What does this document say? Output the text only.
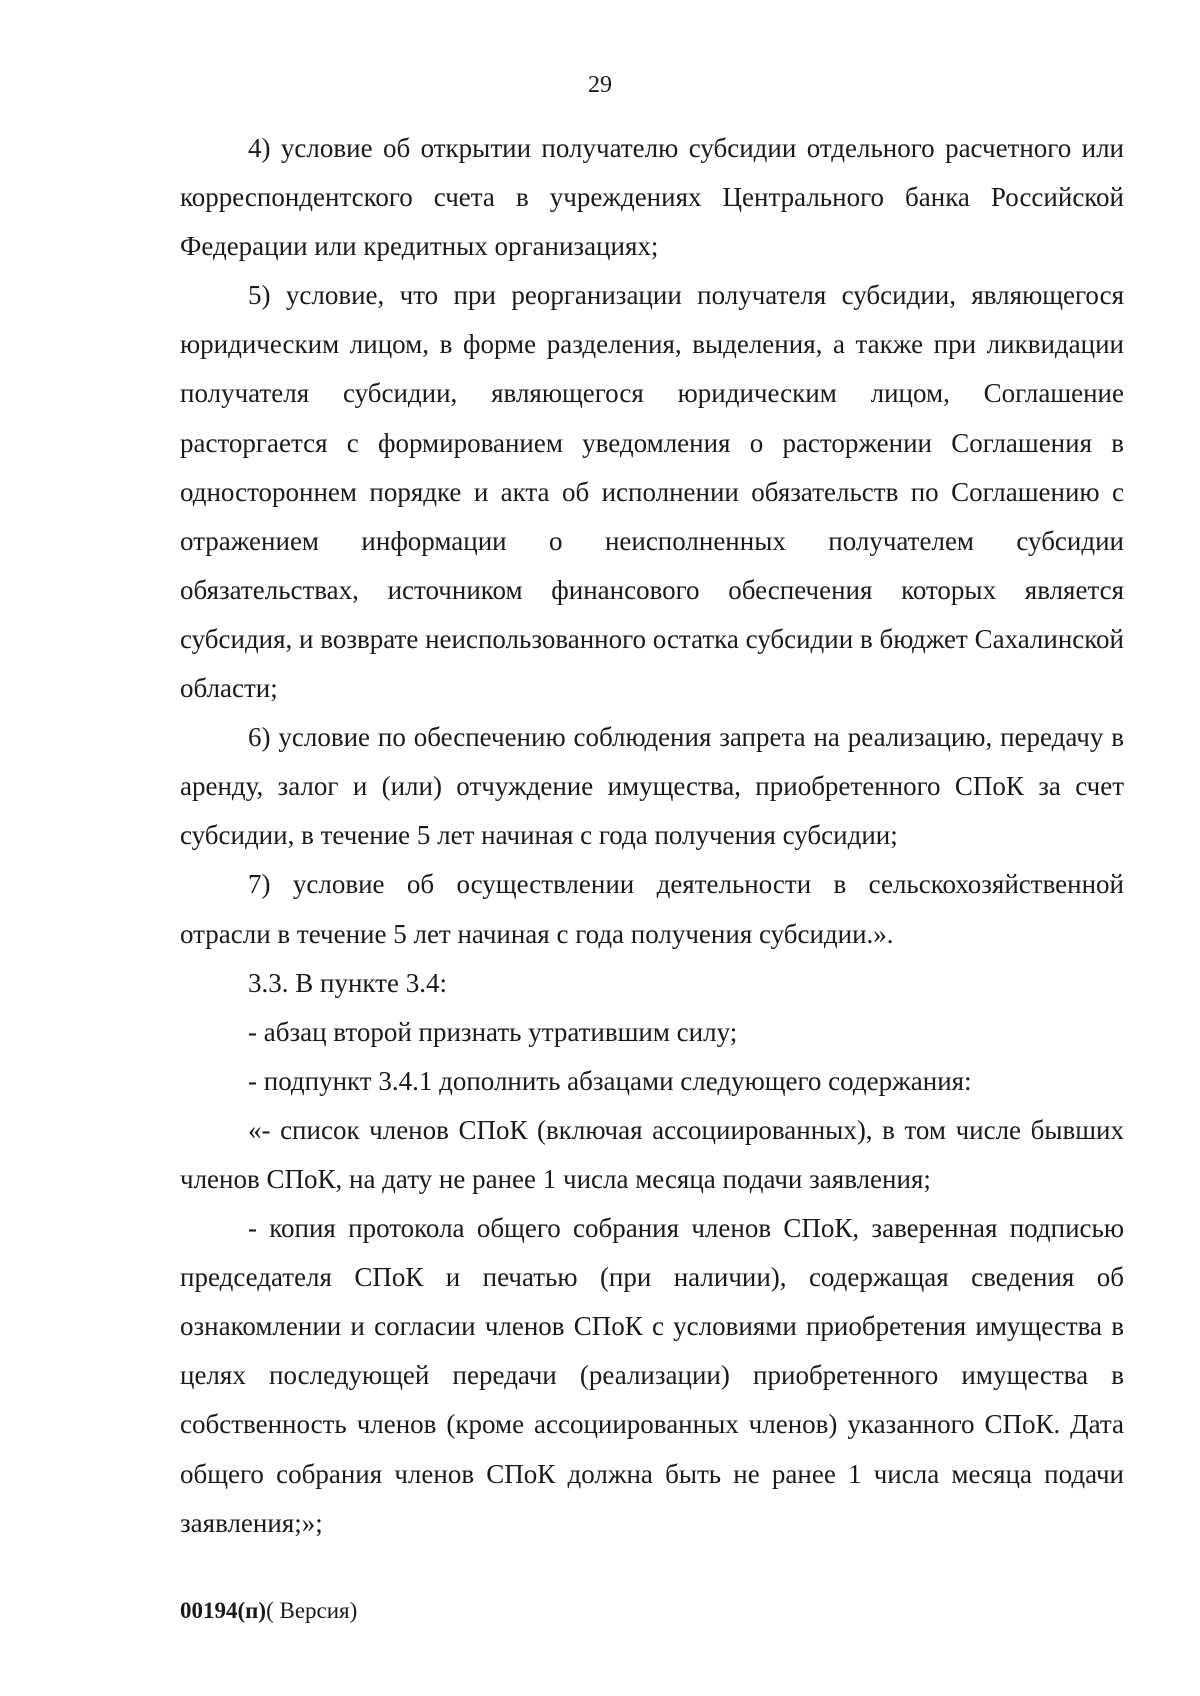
29

4) условие об открытии получателю субсидии отдельного расчетного или корреспондентского счета в учреждениях Центрального банка Российской Федерации или кредитных организациях;

5) условие, что при реорганизации получателя субсидии, являющегося юридическим лицом, в форме разделения, выделения, а также при ликвидации получателя субсидии, являющегося юридическим лицом, Соглашение расторгается с формированием уведомления о расторжении Соглашения в одностороннем порядке и акта об исполнении обязательств по Соглашению с отражением информации о неисполненных получателем субсидии обязательствах, источником финансового обеспечения которых является субсидия, и возврате неиспользованного остатка субсидии в бюджет Сахалинской области;

6) условие по обеспечению соблюдения запрета на реализацию, передачу в аренду, залог и (или) отчуждение имущества, приобретенного СПоК за счет субсидии, в течение 5 лет начиная с года получения субсидии;

7) условие об осуществлении деятельности в сельскохозяйственной отрасли в течение 5 лет начиная с года получения субсидии.».

3.3. В пункте 3.4:

- абзац второй признать утратившим силу;

- подпункт 3.4.1 дополнить абзацами следующего содержания:

«- список членов СПоК (включая ассоциированных), в том числе бывших членов СПоК, на дату не ранее 1 числа месяца подачи заявления;

- копия протокола общего собрания членов СПоК, заверенная подписью председателя СПоК и печатью (при наличии), содержащая сведения об ознакомлении и согласии членов СПоК с условиями приобретения имущества в целях последующей передачи (реализации) приобретенного имущества в собственность членов (кроме ассоциированных членов) указанного СПоК. Дата общего собрания членов СПоК должна быть не ранее 1 числа месяца подачи заявления;»;

00194(п)( Версия)
